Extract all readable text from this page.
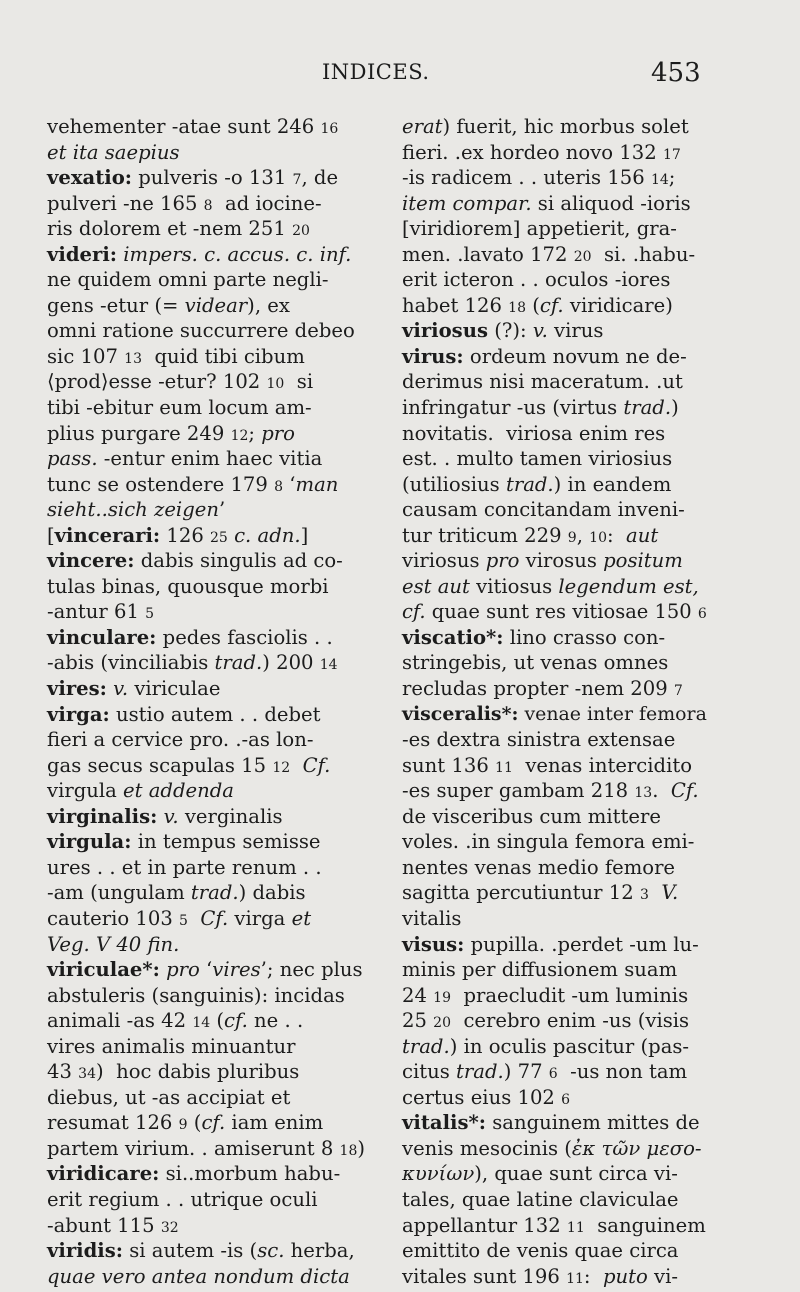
INDICES.	453
vehementer -atae sunt 246 16
et ita saepius
vexatio: pulveris -o 131 7, de
pulveri -ne 165 8  ad iocine-
ris dolorem et -nem 251 20
videri: impers. c. accus. c. inf.
ne quidem omni parte negli-
gens -etur (= videar), ex
omni ratione succurrere debeo
sic 107 13  quid tibi cibum
⟨prod⟩esse -etur? 102 10  si
tibi -ebitur eum locum am-
plius purgare 249 12; pro
pass. -entur enim haec vitia
tunc se ostendere 179 8 ‘man
sieht..sich zeigen’
[vincerari: 126 25 c. adn.]
vincere: dabis singulis ad co-
tulas binas, quousque morbi
-antur 61 5
vinculare: pedes fasciolis . .
-abis (vinciliabis trad.) 200 14
vires: v. viriculae
virga: ustio autem . . debet
fieri a cervice pro. .-as lon-
gas secus scapulas 15 12 Cf.
virgula et addenda
virginalis: v. verginalis
virgula: in tempus semisse
ures . . et in parte renum . .
-am (ungulam trad.) dabis
cauterio 103 5 Cf. virga et
Veg. V 40 fin.
viriculae*: pro ‘vires’; nec plus
abstuleris (sanguinis): incidas
animali -as 42 14 (cf. ne . .
vires animalis minuantur
43 34)  hoc dabis pluribus
diebus, ut -as accipiat et
resumat 126 9 (cf. iam enim
partem virium. . amiserunt 8 18)
viridicare: si..morbum habu-
erit regium . . utrique oculi
-abunt 115 32
viridis: si autem -is (sc. herba,
quae vero antea nondum dicta
erat) fuerit, hic morbus solet
fieri. .ex hordeo novo 132 17
-is radicem . . uteris 156 14;
item compar. si aliquod -ioris
[viridiorem] appetierit, gra-
men. .lavato 172 20  si. .habu-
erit icteron . . oculos -iores
habet 126 18 (cf. viridicare)
viriosus (?): v. virus
virus: ordeum novum ne de-
derimus nisi maceratum. .ut
infringatur -us (virtus trad.)
novitatis.  viriosa enim res
est. . multo tamen viriosius
(utiliosius trad.) in eandem
causam concitandam inveni-
tur triticum 229 9, 10:  aut
viriosus pro virosus positum
est aut vitiosus legendum est,
cf. quae sunt res vitiosae 150 6
viscatio*: lino crasso con-
stringebis, ut venas omnes
recludas propter -nem 209 7
visceralis*: venae inter femora
-es dextra sinistra extensae
sunt 136 11  venas intercidito
-es super gambam 218 13.  Cf.
de visceribus cum mittere
voles. .in singula femora emi-
nentes venas medio femore
sagitta percutiuntur 12 3 V.
vitalis
visus: pupilla. .perdet -um lu-
minis per diffusionem suam
24 19  praecludit -um luminis
25 20  cerebro enim -us (visis
trad.) in oculis pascitur (pas-
citus trad.) 77 6  -us non tam
certus eius 102 6
vitalis*: sanguinem mittes de
venis mesocinis (ἐκ τῶν μεσο-
κυνίων), quae sunt circa vi-
tales, quae latine claviculae
appellantur 132 11  sanguinem
emittito de venis quae circa
vitales sunt 196 11:  puto vi-
